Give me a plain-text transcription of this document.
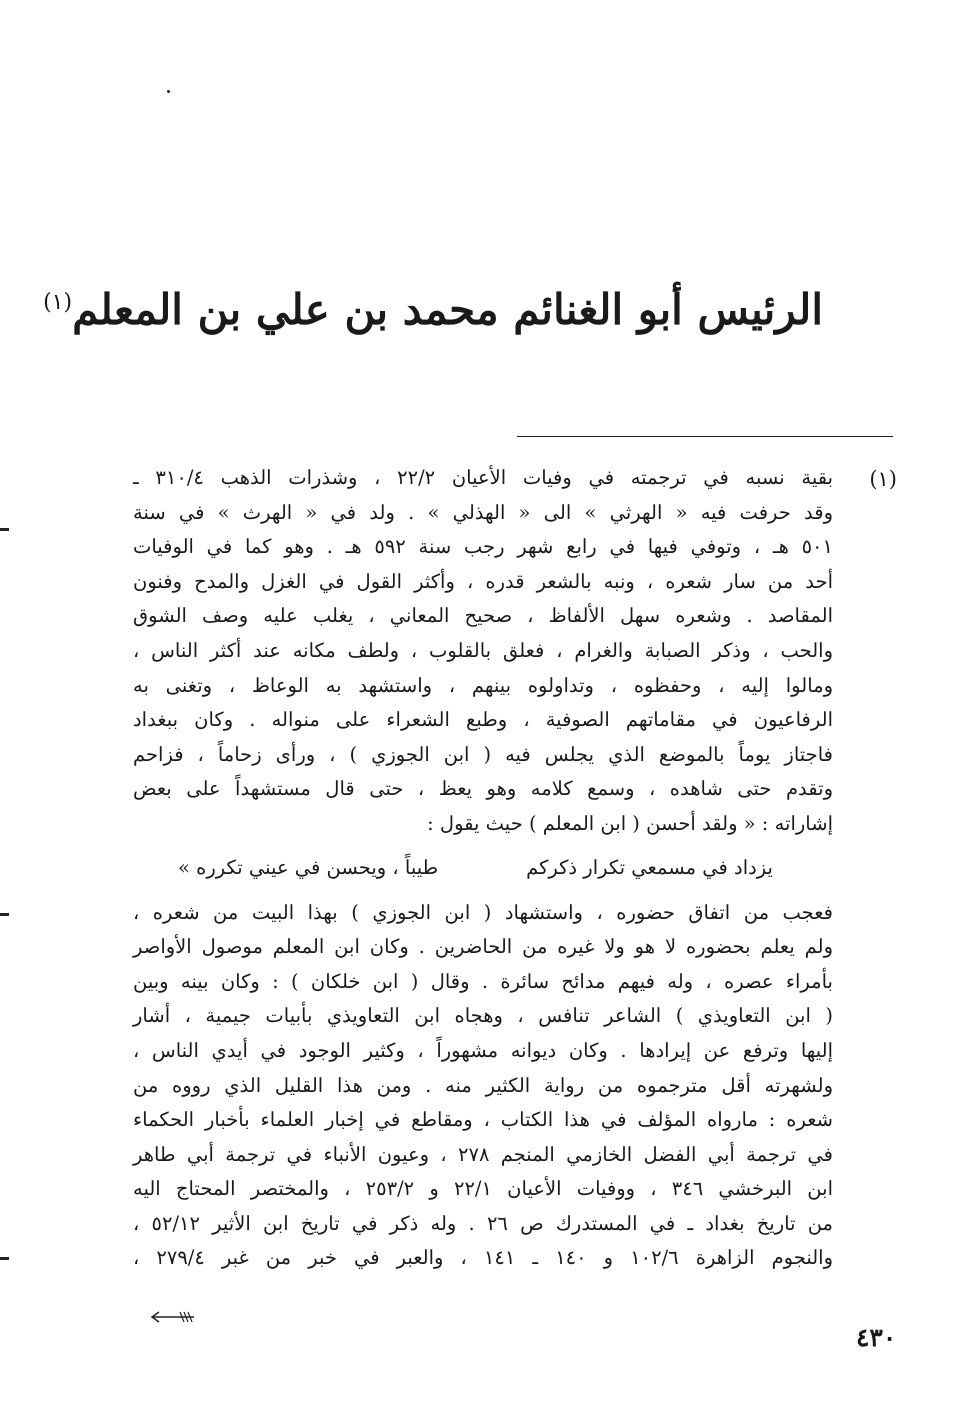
الرئيس أبو الغنائم محمد بن علي بن المعلم$^{(١)}$
(١)
بقية نسبه في ترجمته في وفيات الأعيان ٢٢/٢ ، وشذرات الذهب ٣١٠/٤ ـ
وقد حرفت فيه « الهرثي » الى « الهذلي » . ولد في « الهرث » في سنة
٥٠١ هـ ، وتوفي فيها في رابع شهر رجب سنة ٥٩٢ هـ . وهو كما في الوفيات
أحد من سار شعره ، ونبه بالشعر قدره ، وأكثر القول في الغزل والمدح وفنون
المقاصد . وشعره سهل الألفاظ ، صحيح المعاني ، يغلب عليه وصف الشوق
والحب ، وذكر الصبابة والغرام ، فعلق بالقلوب ، ولطف مكانه عند أكثر الناس ،
ومالوا إليه ، وحفظوه ، وتداولوه بينهم ، واستشهد به الوعاظ ، وتغنى به
الرفاعيون في مقاماتهم الصوفية ، وطبع الشعراء على منواله . وكان ببغداد
فاجتاز يوماً بالموضع الذي يجلس فيه ( ابن الجوزي ) ، ورأى زحاماً ، فزاحم
وتقدم حتى شاهده ، وسمع كلامه وهو يعظ ، حتى قال مستشهداً على بعض
إشاراته : « ولقد أحسن ( ابن المعلم ) حيث يقول :
يزداد في مسمعي تكرار ذكركم
طيباً ، ويحسن في عيني تكرره »
فعجب من اتفاق حضوره ، واستشهاد ( ابن الجوزي ) بهذا البيت من شعره ،
ولم يعلم بحضوره لا هو ولا غيره من الحاضرين . وكان ابن المعلم موصول الأواصر
بأمراء عصره ، وله فيهم مدائح سائرة . وقال ( ابن خلكان ) : وكان بينه وبين
( ابن التعاويذي ) الشاعر تنافس ، وهجاه ابن التعاويذي بأبيات جيمية ، أشار
إليها وترفع عن إيرادها . وكان ديوانه مشهوراً ، وكثير الوجود في أيدي الناس ،
ولشهرته أقل مترجموه من رواية الكثير منه . ومن هذا القليل الذي رووه من
شعره : مارواه المؤلف في هذا الكتاب ، ومقاطع في إخبار العلماء بأخبار الحكماء
في ترجمة أبي الفضل الخازمي المنجم ٢٧٨ ، وعيون الأنباء في ترجمة أبي طاهر
ابن البرخشي ٣٤٦ ، ووفيات الأعيان ٢٢/١ و ٢٥٣/٢ ، والمختصر المحتاج اليه
من تاريخ بغداد ـ في المستدرك ص ٢٦ . وله ذكر في تاريخ ابن الأثير ٥٢/١٢ ،
والنجوم الزاهرة ١٠٢/٦ و ١٤٠ ـ ١٤١ ، والعبر في خبر من غبر ٢٧٩/٤ ،
٤٣٠
